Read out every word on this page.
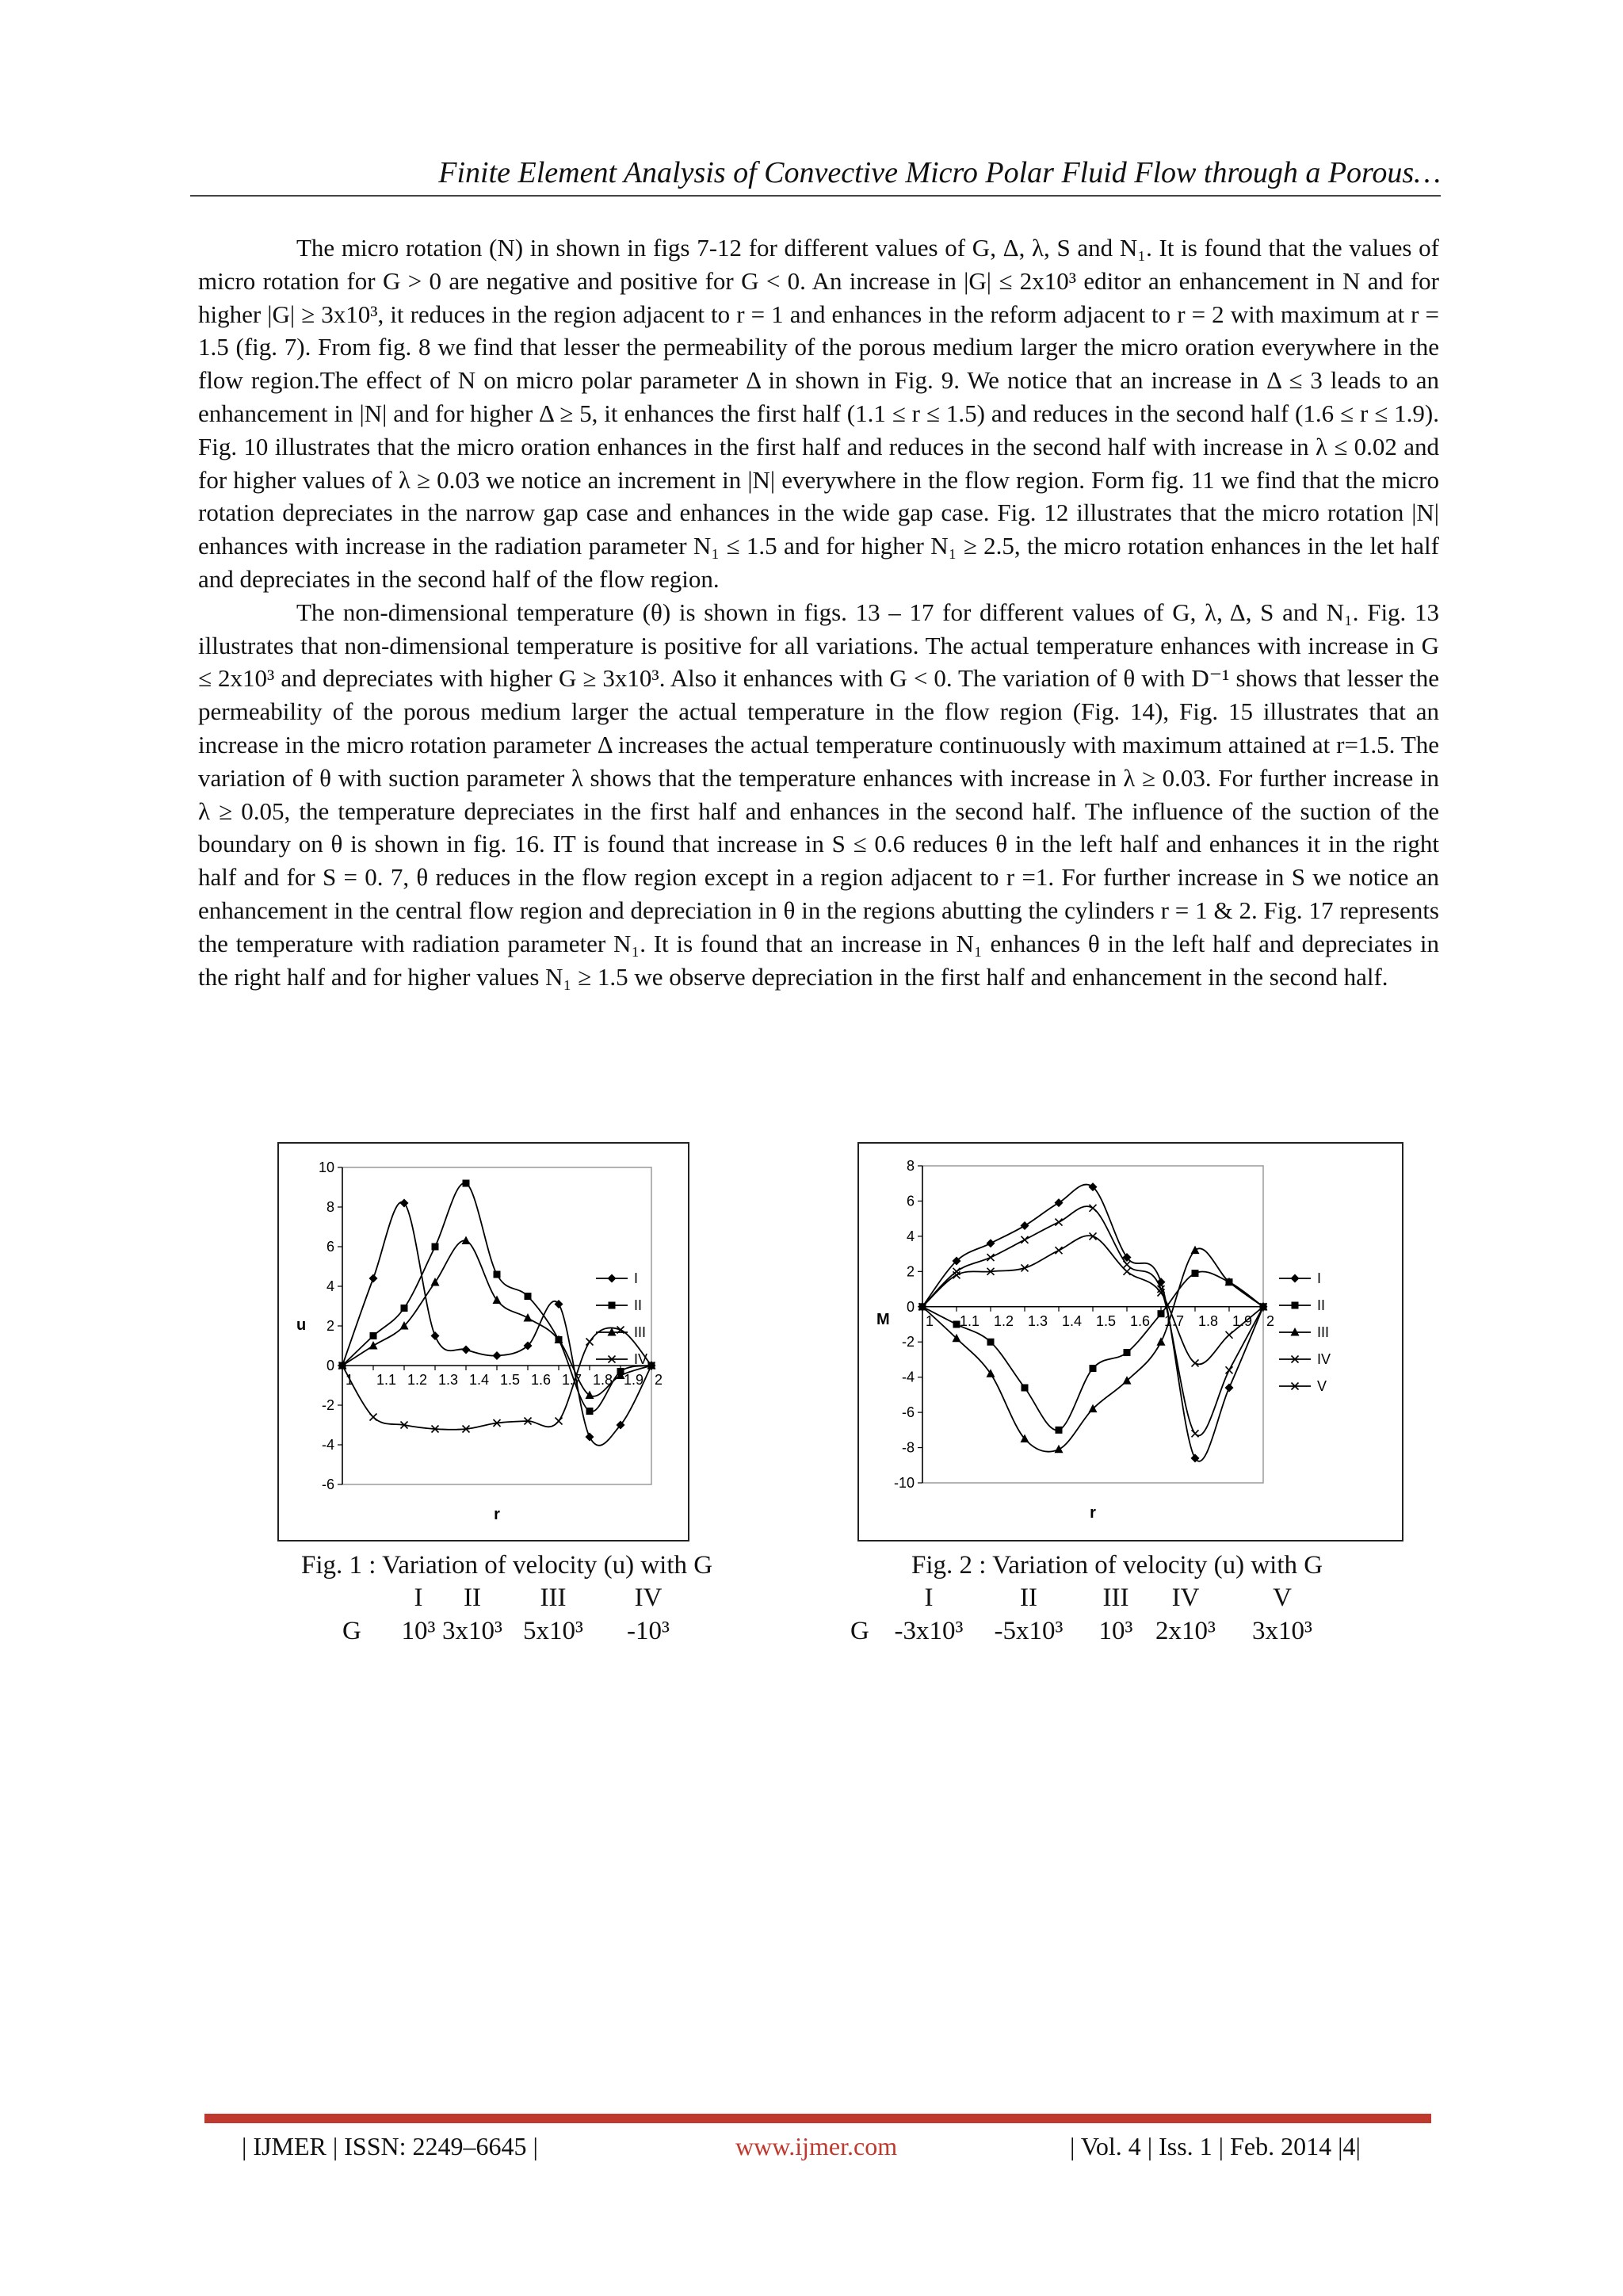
Finite Element Analysis of Convective Micro Polar Fluid Flow through a Porous…

The micro rotation (N) in shown in figs 7-12 for different values of G, Δ, λ, S and N₁. It is found that the values of micro rotation for G > 0 are negative and positive for G < 0. An increase in |G| ≤ 2x10³ editor an enhancement in N and for higher |G| ≥ 3x10³, it reduces in the region adjacent to r = 1 and enhances in the reform adjacent to r = 2 with maximum at r = 1.5 (fig. 7). From fig. 8 we find that lesser the permeability of the porous medium larger the micro oration everywhere in the flow region.The effect of N on micro polar parameter Δ in shown in Fig. 9. We notice that an increase in Δ ≤ 3 leads to an enhancement in |N| and for higher Δ ≥ 5, it enhances the first half (1.1 ≤ r ≤ 1.5) and reduces in the second half (1.6 ≤ r ≤ 1.9). Fig. 10 illustrates that the micro oration enhances in the first half and reduces in the second half with increase in λ ≤ 0.02 and for higher values of λ ≥ 0.03 we notice an increment in |N| everywhere in the flow region. Form fig. 11 we find that the micro rotation depreciates in the narrow gap case and enhances in the wide gap case. Fig. 12 illustrates that the micro rotation |N| enhances with increase in the radiation parameter N₁ ≤ 1.5 and for higher N₁ ≥ 2.5, the micro rotation enhances in the let half and depreciates in the second half of the flow region.

The non-dimensional temperature (θ) is shown in figs. 13 – 17 for different values of G, λ, Δ, S and N₁. Fig. 13 illustrates that non-dimensional temperature is positive for all variations. The actual temperature enhances with increase in G ≤ 2x10³ and depreciates with higher G ≥ 3x10³. Also it enhances with G < 0. The variation of θ with D⁻¹ shows that lesser the permeability of the porous medium larger the actual temperature in the flow region (Fig. 14), Fig. 15 illustrates that an increase in the micro rotation parameter Δ increases the actual temperature continuously with maximum attained at r=1.5. The variation of θ with suction parameter λ shows that the temperature enhances with increase in λ ≥ 0.03. For further increase in λ ≥ 0.05, the temperature depreciates in the first half and enhances in the second half. The influence of the suction of the boundary on θ is shown in fig. 16. IT is found that increase in S ≤ 0.6 reduces θ in the left half and enhances it in the right half and for S = 0. 7, θ reduces in the flow region except in a region adjacent to r =1. For further increase in S we notice an enhancement in the central flow region and depreciation in θ in the regions abutting the cylinders r = 1 & 2. Fig. 17 represents the temperature with radiation parameter N₁. It is found that an increase in N₁ enhances θ in the left half and depreciates in the right half and for higher values N₁ ≥ 1.5 we observe depreciation in the first half and enhancement in the second half.

-6
-4
-2
0
2
4
6
8
10
1 1.1 1.2 1.3 1.4 1.5 1.6 1.7 1.8 1.9 2
u
r
I
II
III
IV
Fig. 1 : Variation of velocity (u) with G
G
I
10³
II
3x10³
III
5x10³
IV
-10³
-10
-8
-6
-4
-2
0
2
4
6
8
1 1.1 1.2 1.3 1.4 1.5 1.6 1.7 1.8 1.9 2
M
r
I
II
III
IV
V
Fig. 2 : Variation of velocity (u) with G
G
I
-3x10³
II
-5x10³
III
10³
IV
2x10³
V
3x10³
| IJMER | ISSN: 2249–6645 |	www.ijmer.com	| Vol. 4 | Iss. 1 | Feb. 2014 |4|
